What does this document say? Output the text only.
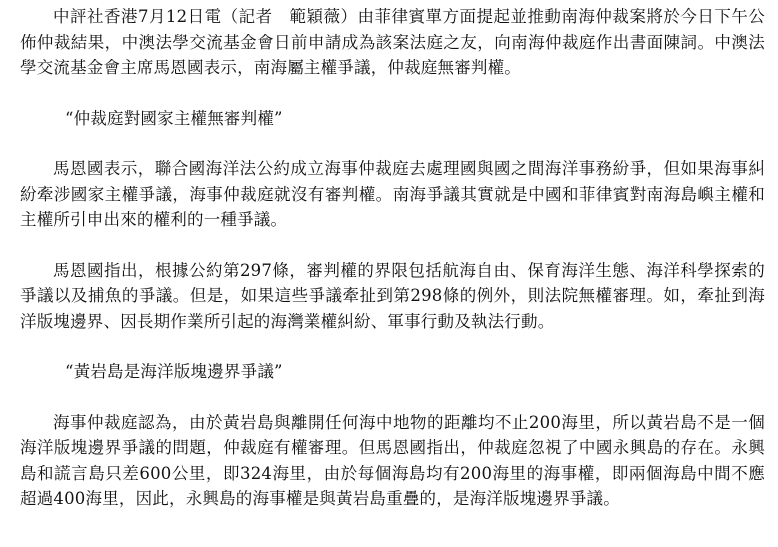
中評社香港7月12日電（記者　範穎薇）由菲律賓單方面提起並推動南海仲裁案將於今日下午公佈仲裁結果，中澳法學交流基金會日前申請成為該案法庭之友，向南海仲裁庭作出書面陳詞。中澳法學交流基金會主席馬恩國表示，南海屬主權爭議，仲裁庭無審判權。

“仲裁庭對國家主權無審判權”

馬恩國表示，聯合國海洋法公約成立海事仲裁庭去處理國與國之間海洋事務紛爭，但如果海事糾紛牽涉國家主權爭議，海事仲裁庭就沒有審判權。南海爭議其實就是中國和菲律賓對南海島嶼主權和主權所引申出來的權利的一種爭議。

馬恩國指出，根據公約第297條，審判權的界限包括航海自由、保育海洋生態、海洋科學探索的爭議以及捕魚的爭議。但是，如果這些爭議牽扯到第298條的例外，則法院無權審理。如，牽扯到海洋版塊邊界、因長期作業所引起的海灣業權糾紛、軍事行動及執法行動。

“黃岩島是海洋版塊邊界爭議”

海事仲裁庭認為，由於黃岩島與離開任何海中地物的距離均不止200海里，所以黃岩島不是一個海洋版塊邊界爭議的問題，仲裁庭有權審理。但馬恩國指出，仲裁庭忽視了中國永興島的存在。永興島和謊言島只差600公里，即324海里，由於每個海島均有200海里的海事權，即兩個海島中間不應超過400海里，因此，永興島的海事權是與黃岩島重疊的，是海洋版塊邊界爭議。
